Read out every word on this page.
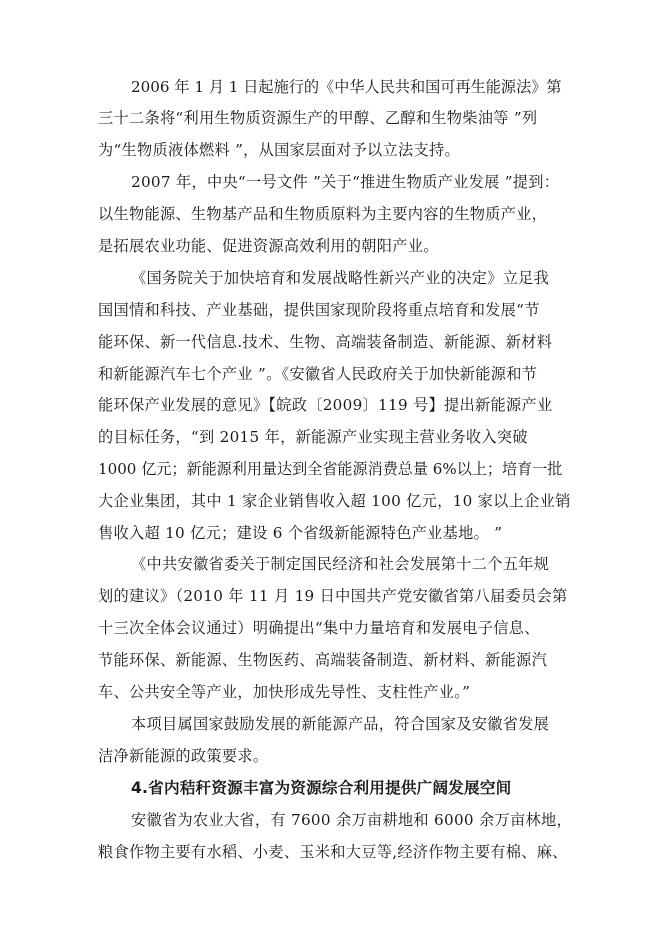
2006 年 1 月 1 日起施行的《中华人民共和国可再生能源法》第
三十二条将“利用生物质资源生产的甲醇、乙醇和生物柴油等 ”列
为“生物质液体燃料 ”，从国家层面对予以立法支持。
2007 年，中央“一号文件 ”关于“推进生物质产业发展 ”提到：
以生物能源、生物基产品和生物质原料为主要内容的生物质产业，
是拓展农业功能、促进资源高效利用的朝阳产业。
《国务院关于加快培育和发展战略性新兴产业的决定》立足我
国国情和科技、产业基础，提供国家现阶段将重点培育和发展“节
能环保、新一代信息.技术、生物、高端装备制造、新能源、新材料
和新能源汽车七个产业 ”。《安徽省人民政府关于加快新能源和节
能环保产业发展的意见》【皖政〔2009〕119 号】提出新能源产业
的目标任务，“到 2015 年，新能源产业实现主营业务收入突破
1000 亿元；新能源利用量达到全省能源消费总量 6%以上；培育一批
大企业集团，其中 1 家企业销售收入超 100 亿元，10 家以上企业销
售收入超 10 亿元；建设 6 个省级新能源特色产业基地。 ”
《中共安徽省委关于制定国民经济和社会发展第十二个五年规
划的建议》（2010 年 11 月 19 日中国共产党安徽省第八届委员会第
十三次全体会议通过）明确提出“集中力量培育和发展电子信息、
节能环保、新能源、生物医药、高端装备制造、新材料、新能源汽
车、公共安全等产业，加快形成先导性、支柱性产业。”
本项目属国家鼓励发展的新能源产品，符合国家及安徽省发展
洁净新能源的政策要求。
4.省内秸秆资源丰富为资源综合利用提供广阔发展空间
安徽省为农业大省，有 7600 余万亩耕地和 6000 余万亩林地，
粮食作物主要有水稻、小麦、玉米和大豆等,经济作物主要有棉、麻、
